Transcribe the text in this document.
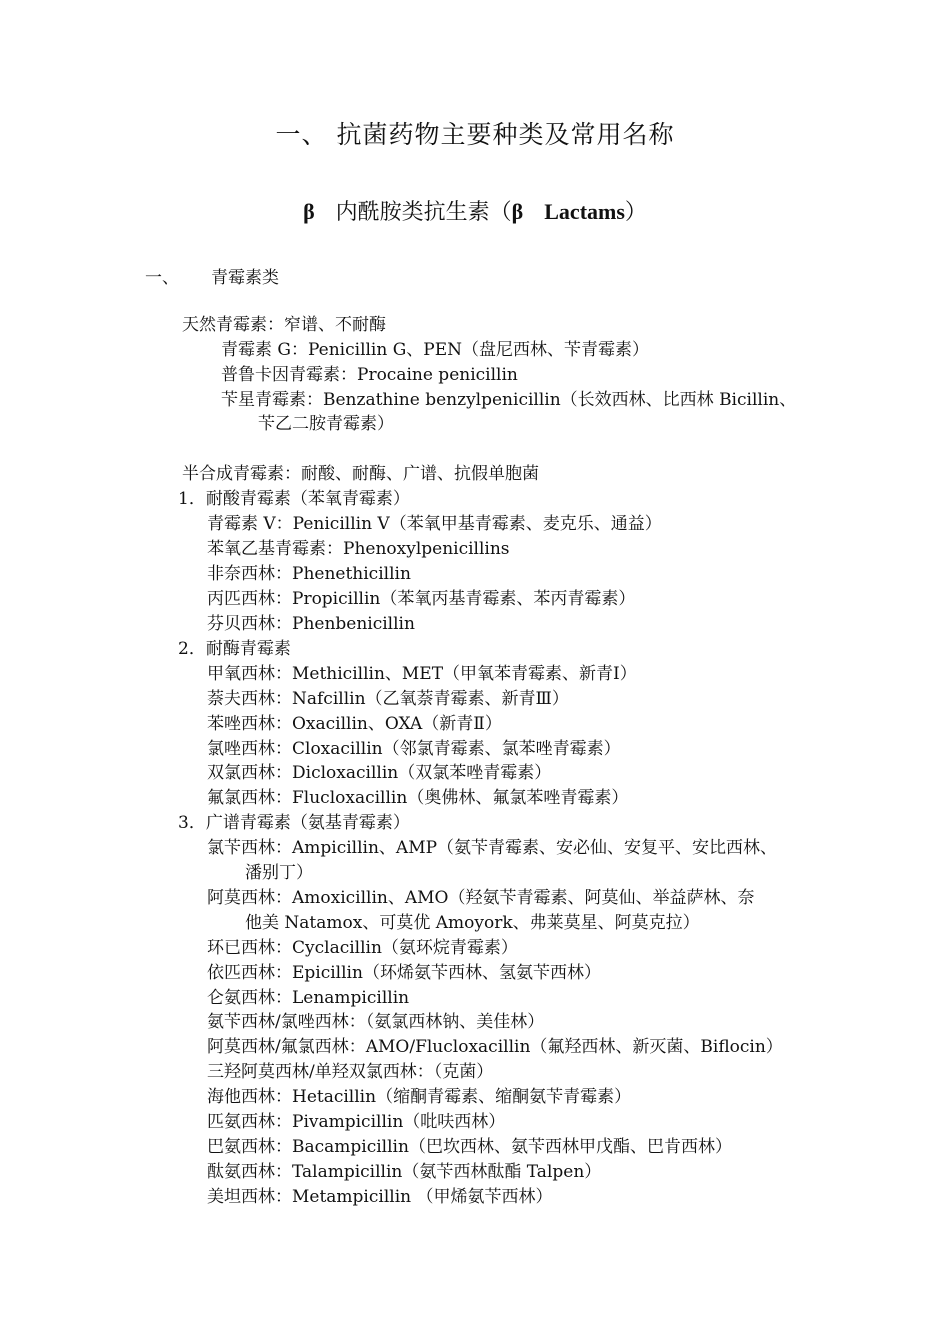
一、 抗菌药物主要种类及常用名称
β 内酰胺类抗生素（β Lactams）
一、 青霉素类
天然青霉素：窄谱、不耐酶
青霉素 G：Penicillin G、PEN（盘尼西林、苄青霉素）
普鲁卡因青霉素：Procaine penicillin
苄星青霉素：Benzathine benzylpenicillin（长效西林、比西林 Bicillin、
苄乙二胺青霉素）
半合成青霉素：耐酸、耐酶、广谱、抗假单胞菌
1．耐酸青霉素（苯氧青霉素）
青霉素 V：Penicillin V（苯氧甲基青霉素、麦克乐、通益）
苯氧乙基青霉素：Phenoxylpenicillins
非奈西林：Phenethicillin
丙匹西林：Propicillin（苯氧丙基青霉素、苯丙青霉素）
芬贝西林：Phenbenicillin
2．耐酶青霉素
甲氧西林：Methicillin、MET（甲氧苯青霉素、新青Ⅰ）
萘夫西林：Nafcillin（乙氧萘青霉素、新青Ⅲ）
苯唑西林：Oxacillin、OXA（新青Ⅱ）
氯唑西林：Cloxacillin（邻氯青霉素、氯苯唑青霉素）
双氯西林：Dicloxacillin（双氯苯唑青霉素）
氟氯西林：Flucloxacillin（奥佛林、氟氯苯唑青霉素）
3．广谱青霉素（氨基青霉素）
氯苄西林：Ampicillin、AMP（氨苄青霉素、安必仙、安复平、安比西林、
潘别丁）
阿莫西林：Amoxicillin、AMO（羟氨苄青霉素、阿莫仙、举益萨林、奈
他美 Natamox、可莫优 Amoyork、弗莱莫星、阿莫克拉）
环已西林：Cyclacillin（氨环烷青霉素）
依匹西林：Epicillin（环烯氨苄西林、氢氨苄西林）
仑氨西林：Lenampicillin
氨苄西林/氯唑西林：（氨氯西林钠、美佳林）
阿莫西林/氟氯西林：AMO/Flucloxacillin（氟羟西林、新灭菌、Biflocin）
三羟阿莫西林/单羟双氯西林：（克菌）
海他西林：Hetacillin（缩酮青霉素、缩酮氨苄青霉素）
匹氨西林：Pivampicillin（吡呋西林）
巴氨西林：Bacampicillin（巴坎西林、氨苄西林甲戊酯、巴肯西林）
酞氨西林：Talampicillin（氨苄西林酞酯 Talpen）
美坦西林：Metampicillin （甲烯氨苄西林）
